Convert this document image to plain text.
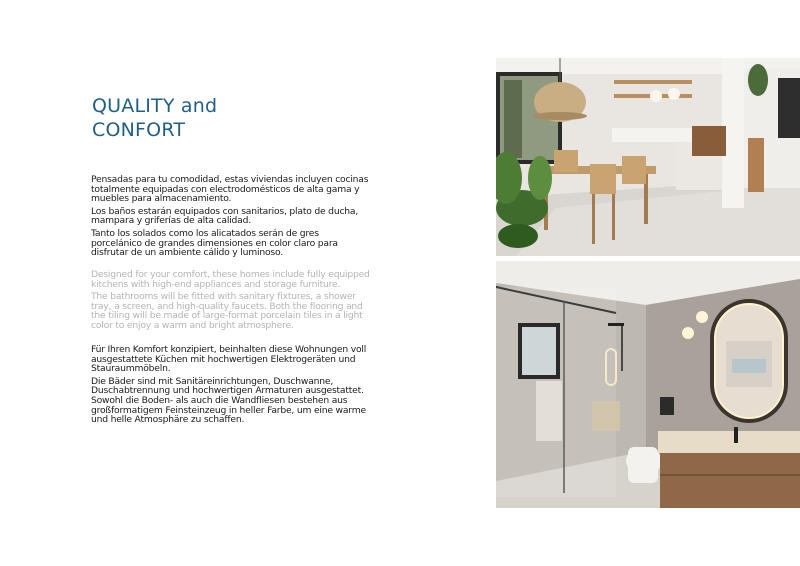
QUALITY and
CONFORT

Pensadas para tu comodidad, estas viviendas incluyen cocinas totalmente equipadas con electrodomésticos de alta gama y muebles para almacenamiento.

Los baños estarán equipados con sanitarios, plato de ducha, mampara y griferías de alta calidad.

Tanto los solados como los alicatados serán de gres porcelánico de grandes dimensiones en color claro para disfrutar de un ambiente cálido y luminoso.

Designed for your comfort, these homes include fully equipped kitchens with high-end appliances and storage furniture.

The bathrooms will be fitted with sanitary fixtures, a shower tray, a screen, and high-quality faucets. Both the flooring and the tiling will be made of large-format porcelain tiles in a light color to enjoy a warm and bright atmosphere.

Für Ihren Komfort konzipiert, beinhalten diese Wohnungen voll ausgestattete Küchen mit hochwertigen Elektrogeräten und Stauraummöbeln.

Die Bäder sind mit Sanitäreinrichtungen, Duschwanne, Duschabtrennung und hochwertigen Armaturen ausgestattet. Sowohl die Boden- als auch die Wandfliesen bestehen aus großformatigem Feinsteinzeug in heller Farbe, um eine warme und helle Atmosphäre zu schaffen.
